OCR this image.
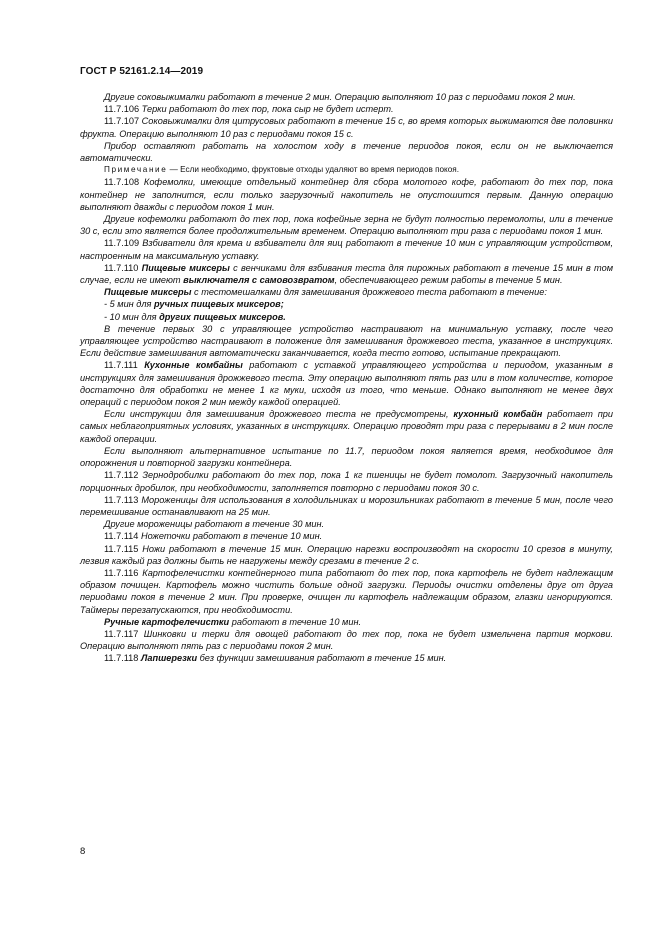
ГОСТ Р 52161.2.14—2019

Другие соковыжималки работают в течение 2 мин. Операцию выполняют 10 раз с периодами покоя 2 мин.

11.7.106 Терки работают до тех пор, пока сыр не будет истерт.

11.7.107 Соковыжималки для цитрусовых работают в течение 15 с, во время которых выжимаются две половинки фрукта. Операцию выполняют 10 раз с периодами покоя 15 с.

Прибор оставляют работать на холостом ходу в течение периодов покоя, если он не выключается автоматически.

Примечание — Если необходимо, фруктовые отходы удаляют во время периодов покоя.

11.7.108 Кофемолки, имеющие отдельный контейнер для сбора молотого кофе, работают до тех пор, пока контейнер не заполнится, если только загрузочный накопитель не опустошится первым. Данную операцию выполняют дважды с периодом покоя 1 мин.

Другие кофемолки работают до тех пор, пока кофейные зерна не будут полностью перемолоты, или в течение 30 с, если это является более продолжительным временем. Операцию выполняют три раза с периодами покоя 1 мин.

11.7.109 Взбиватели для крема и взбиватели для яиц работают в течение 10 мин с управляющим устройством, настроенным на максимальную уставку.

11.7.110 Пищевые миксеры с венчиками для взбивания теста для пирожных работают в течение 15 мин в том случае, если не имеют выключателя с самовозвратом, обеспечивающего режим работы в течение 5 мин.

Пищевые миксеры с тестомешалками для замешивания дрожжевого теста работают в течение:

- 5 мин для ручных пищевых миксеров;

- 10 мин для других пищевых миксеров.

В течение первых 30 с управляющее устройство настраивают на минимальную уставку, после чего управляющее устройство настраивают в положение для замешивания дрожжевого теста, указанное в инструкциях. Если действие замешивания автоматически заканчивается, когда тесто готово, испытание прекращают.

11.7.111 Кухонные комбайны работают с уставкой управляющего устройства и периодом, указанным в инструкциях для замешивания дрожжевого теста. Эту операцию выполняют пять раз или в том количестве, которое достаточно для обработки не менее 1 кг муки, исходя из того, что меньше. Однако выполняют не менее двух операций с периодом покоя 2 мин между каждой операцией.

Если инструкции для замешивания дрожжевого теста не предусмотрены, кухонный комбайн работает при самых неблагоприятных условиях, указанных в инструкциях. Операцию проводят три раза с перерывами в 2 мин после каждой операции.

Если выполняют альтернативное испытание по 11.7, периодом покоя является время, необходимое для опорожнения и повторной загрузки контейнера.

11.7.112 Зернодробилки работают до тех пор, пока 1 кг пшеницы не будет помолот. Загрузочный накопитель порционных дробилок, при необходимости, заполняется повторно с периодами покоя 30 с.

11.7.113 Мороженицы для использования в холодильниках и морозильниках работают в течение 5 мин, после чего перемешивание останавливают на 25 мин.

Другие мороженицы работают в течение 30 мин.

11.7.114 Ножеточки работают в течение 10 мин.

11.7.115 Ножи работают в течение 15 мин. Операцию нарезки воспроизводят на скорости 10 срезов в минуту, лезвия каждый раз должны быть не нагружены между срезами в течение 2 с.

11.7.116 Картофелечистки контейнерного типа работают до тех пор, пока картофель не будет надлежащим образом почищен. Картофель можно чистить больше одной загрузки. Периоды очистки отделены друг от друга периодами покоя в течение 2 мин. При проверке, очищен ли картофель надлежащим образом, глазки игнорируются. Таймеры перезапускаются, при необходимости.

Ручные картофелечистки работают в течение 10 мин.

11.7.117 Шинковки и терки для овощей работают до тех пор, пока не будет измельчена партия моркови. Операцию выполняют пять раз с периодами покоя 2 мин.

11.7.118 Лапшерезки без функции замешивания работают в течение 15 мин.

8
